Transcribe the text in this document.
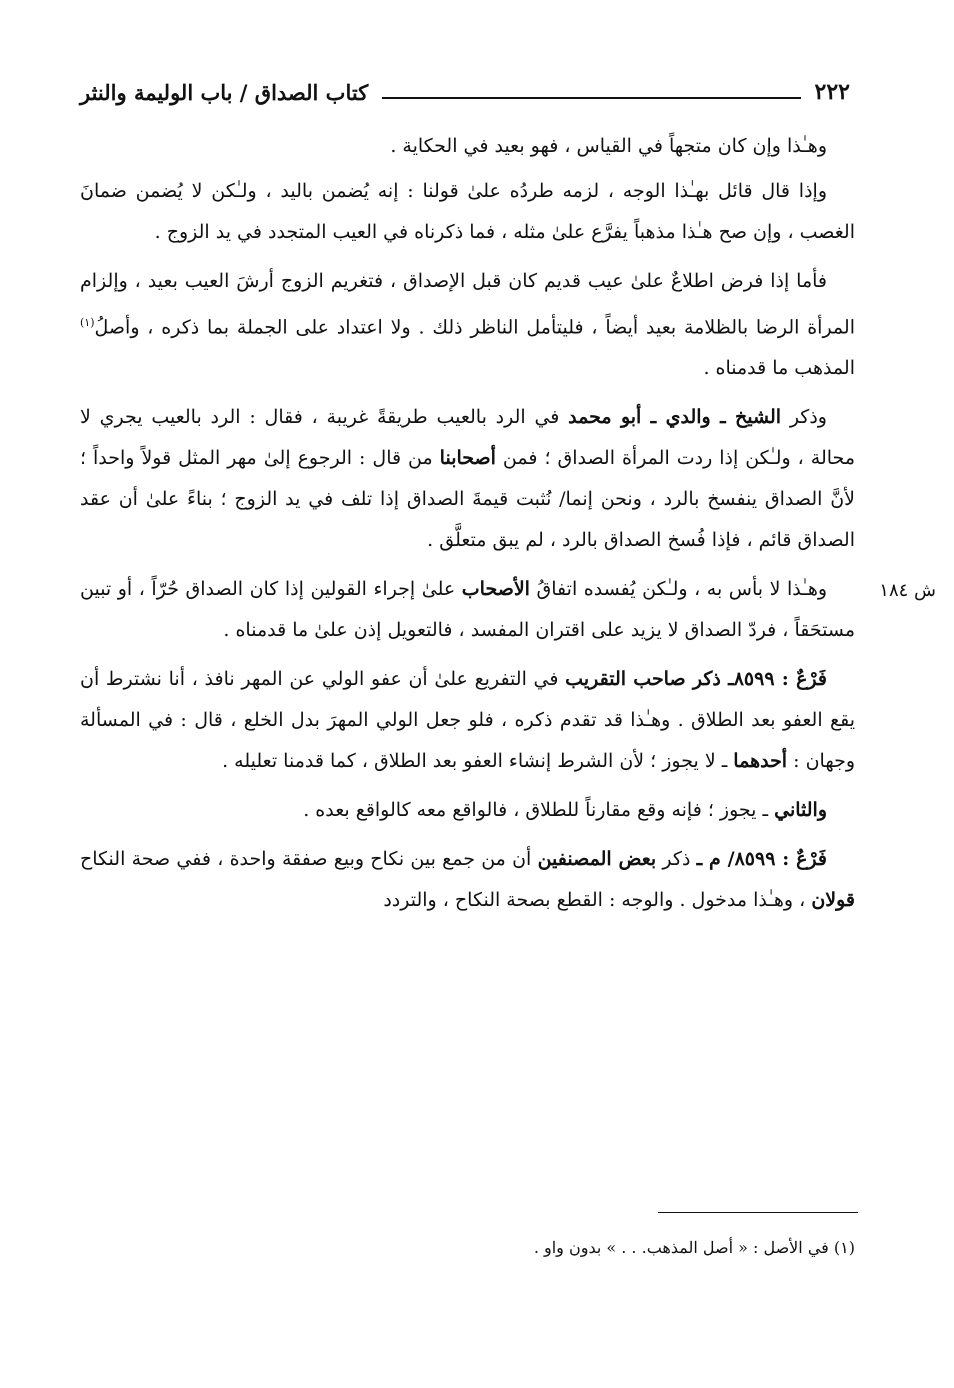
٢٢٢
كتاب الصداق / باب الوليمة والنثر
ش ١٨٤

وهـٰذا وإن كان متجهاً في القياس ، فهو بعيد في الحكاية .

وإذا قال قائل بهـٰذا الوجه ، لزمه طردُه علىٰ قولنا : إنه يُضمن باليد ، ولـٰكن لا يُضمن ضمانَ الغصب ، وإن صح هـٰذا مذهباً يفرَّع علىٰ مثله ، فما ذكرناه في العيب المتجدد في يد الزوج .

فأما إذا فرض اطلاعٌ علىٰ عيب قديم كان قبل الإصداق ، فتغريم الزوج أرشَ العيب بعيد ، وإلزام المرأة الرضا بالظلامة بعيد أيضاً ، فليتأمل الناظر ذلك . ولا اعتداد على الجملة بما ذكره ، وأصلُ$^{(١)}$ المذهب ما قدمناه .

وذكر الشيخ ـ والدي ـ أبو محمد في الرد بالعيب طريقةً غريبة ، فقال : الرد بالعيب يجري لا محالة ، ولـٰكن إذا ردت المرأة الصداق ؛ فمن أصحابنا من قال : الرجوع إلىٰ مهر المثل قولاً واحداً ؛ لأنَّ الصداق ينفسخ بالرد ، ونحن إنما/ نُثبت قيمةَ الصداق إذا تلف في يد الزوج ؛ بناءً علىٰ أن عقد الصداق قائم ، فإذا فُسخ الصداق بالرد ، لم يبق متعلَّق .

وهـٰذا لا بأس به ، ولـٰكن يُفسده اتفاقُ الأصحاب علىٰ إجراء القولين إذا كان الصداق حُرّاً ، أو تبين مستحَقاً ، فردّ الصداق لا يزيد على اقتران المفسد ، فالتعويل إذن علىٰ ما قدمناه .

فَرْعٌ : ٨٥٩٩ـ ذكر صاحب التقريب في التفريع علىٰ أن عفو الولي عن المهر نافذ ، أنا نشترط أن يقع العفو بعد الطلاق . وهـٰذا قد تقدم ذكره ، فلو جعل الولي المهرَ بدل الخلع ، قال : في المسألة وجهان : أحدهما ـ لا يجوز ؛ لأن الشرط إنشاء العفو بعد الطلاق ، كما قدمنا تعليله .

والثاني ـ يجوز ؛ فإنه وقع مقارناً للطلاق ، فالواقع معه كالواقع بعده .

فَرْعٌ : ٨٥٩٩/ م ـ ذكر بعض المصنفين أن من جمع بين نكاح وبيع صفقة واحدة ، ففي صحة النكاح قولان ، وهـٰذا مدخول . والوجه : القطع بصحة النكاح ، والتردد

(١) في الأصل : « أصل المذهب. . . » بدون واو .
